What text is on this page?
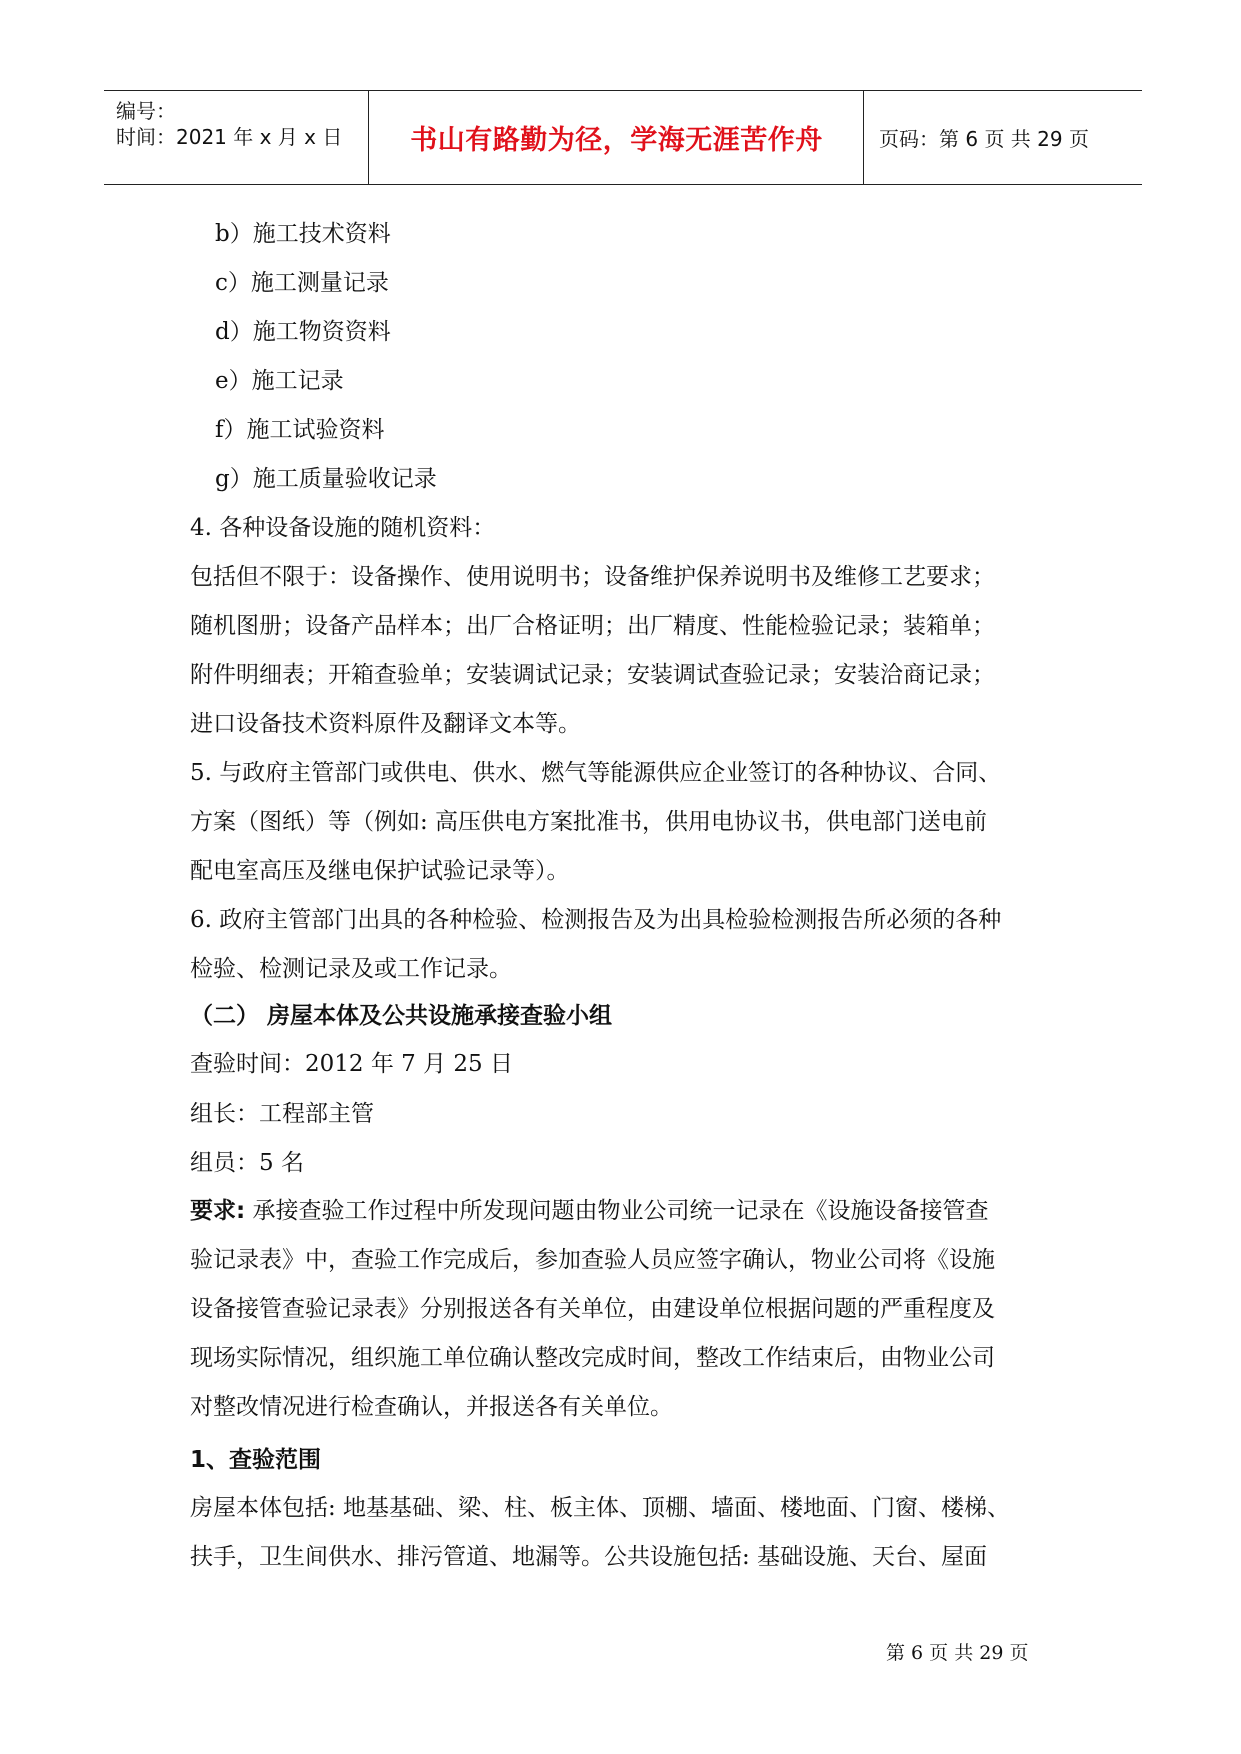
编号：
时间：2021 年 x 月 x 日	书山有路勤为径，学海无涯苦作舟	页码：第 6 页 共 29 页
b）施工技术资料
c）施工测量记录
d）施工物资资料
e）施工记录
f）施工试验资料
g）施工质量验收记录
4. 各种设备设施的随机资料：
包括但不限于：设备操作、使用说明书；设备维护保养说明书及维修工艺要求；
随机图册；设备产品样本；出厂合格证明；出厂精度、性能检验记录；装箱单；
附件明细表；开箱查验单；安装调试记录；安装调试查验记录；安装洽商记录；
进口设备技术资料原件及翻译文本等。
5. 与政府主管部门或供电、供水、燃气等能源供应企业签订的各种协议、合同、
方案（图纸）等（例如: 高压供电方案批准书，供用电协议书，供电部门送电前
配电室高压及继电保护试验记录等）。
6. 政府主管部门出具的各种检验、检测报告及为出具检验检测报告所必须的各种
检验、检测记录及或工作记录。
（二） 房屋本体及公共设施承接查验小组
查验时间：2012 年 7 月 25 日
组长：工程部主管
组员：5 名
要求: 承接查验工作过程中所发现问题由物业公司统一记录在《设施设备接管查
验记录表》中，查验工作完成后，参加查验人员应签字确认，物业公司将《设施
设备接管查验记录表》分别报送各有关单位，由建设单位根据问题的严重程度及
现场实际情况，组织施工单位确认整改完成时间，整改工作结束后，由物业公司
对整改情况进行检查确认，并报送各有关单位。
1、查验范围
房屋本体包括: 地基基础、梁、柱、板主体、顶棚、墙面、楼地面、门窗、楼梯、
扶手，卫生间供水、排污管道、地漏等。公共设施包括: 基础设施、天台、屋面
第 6 页 共 29 页
